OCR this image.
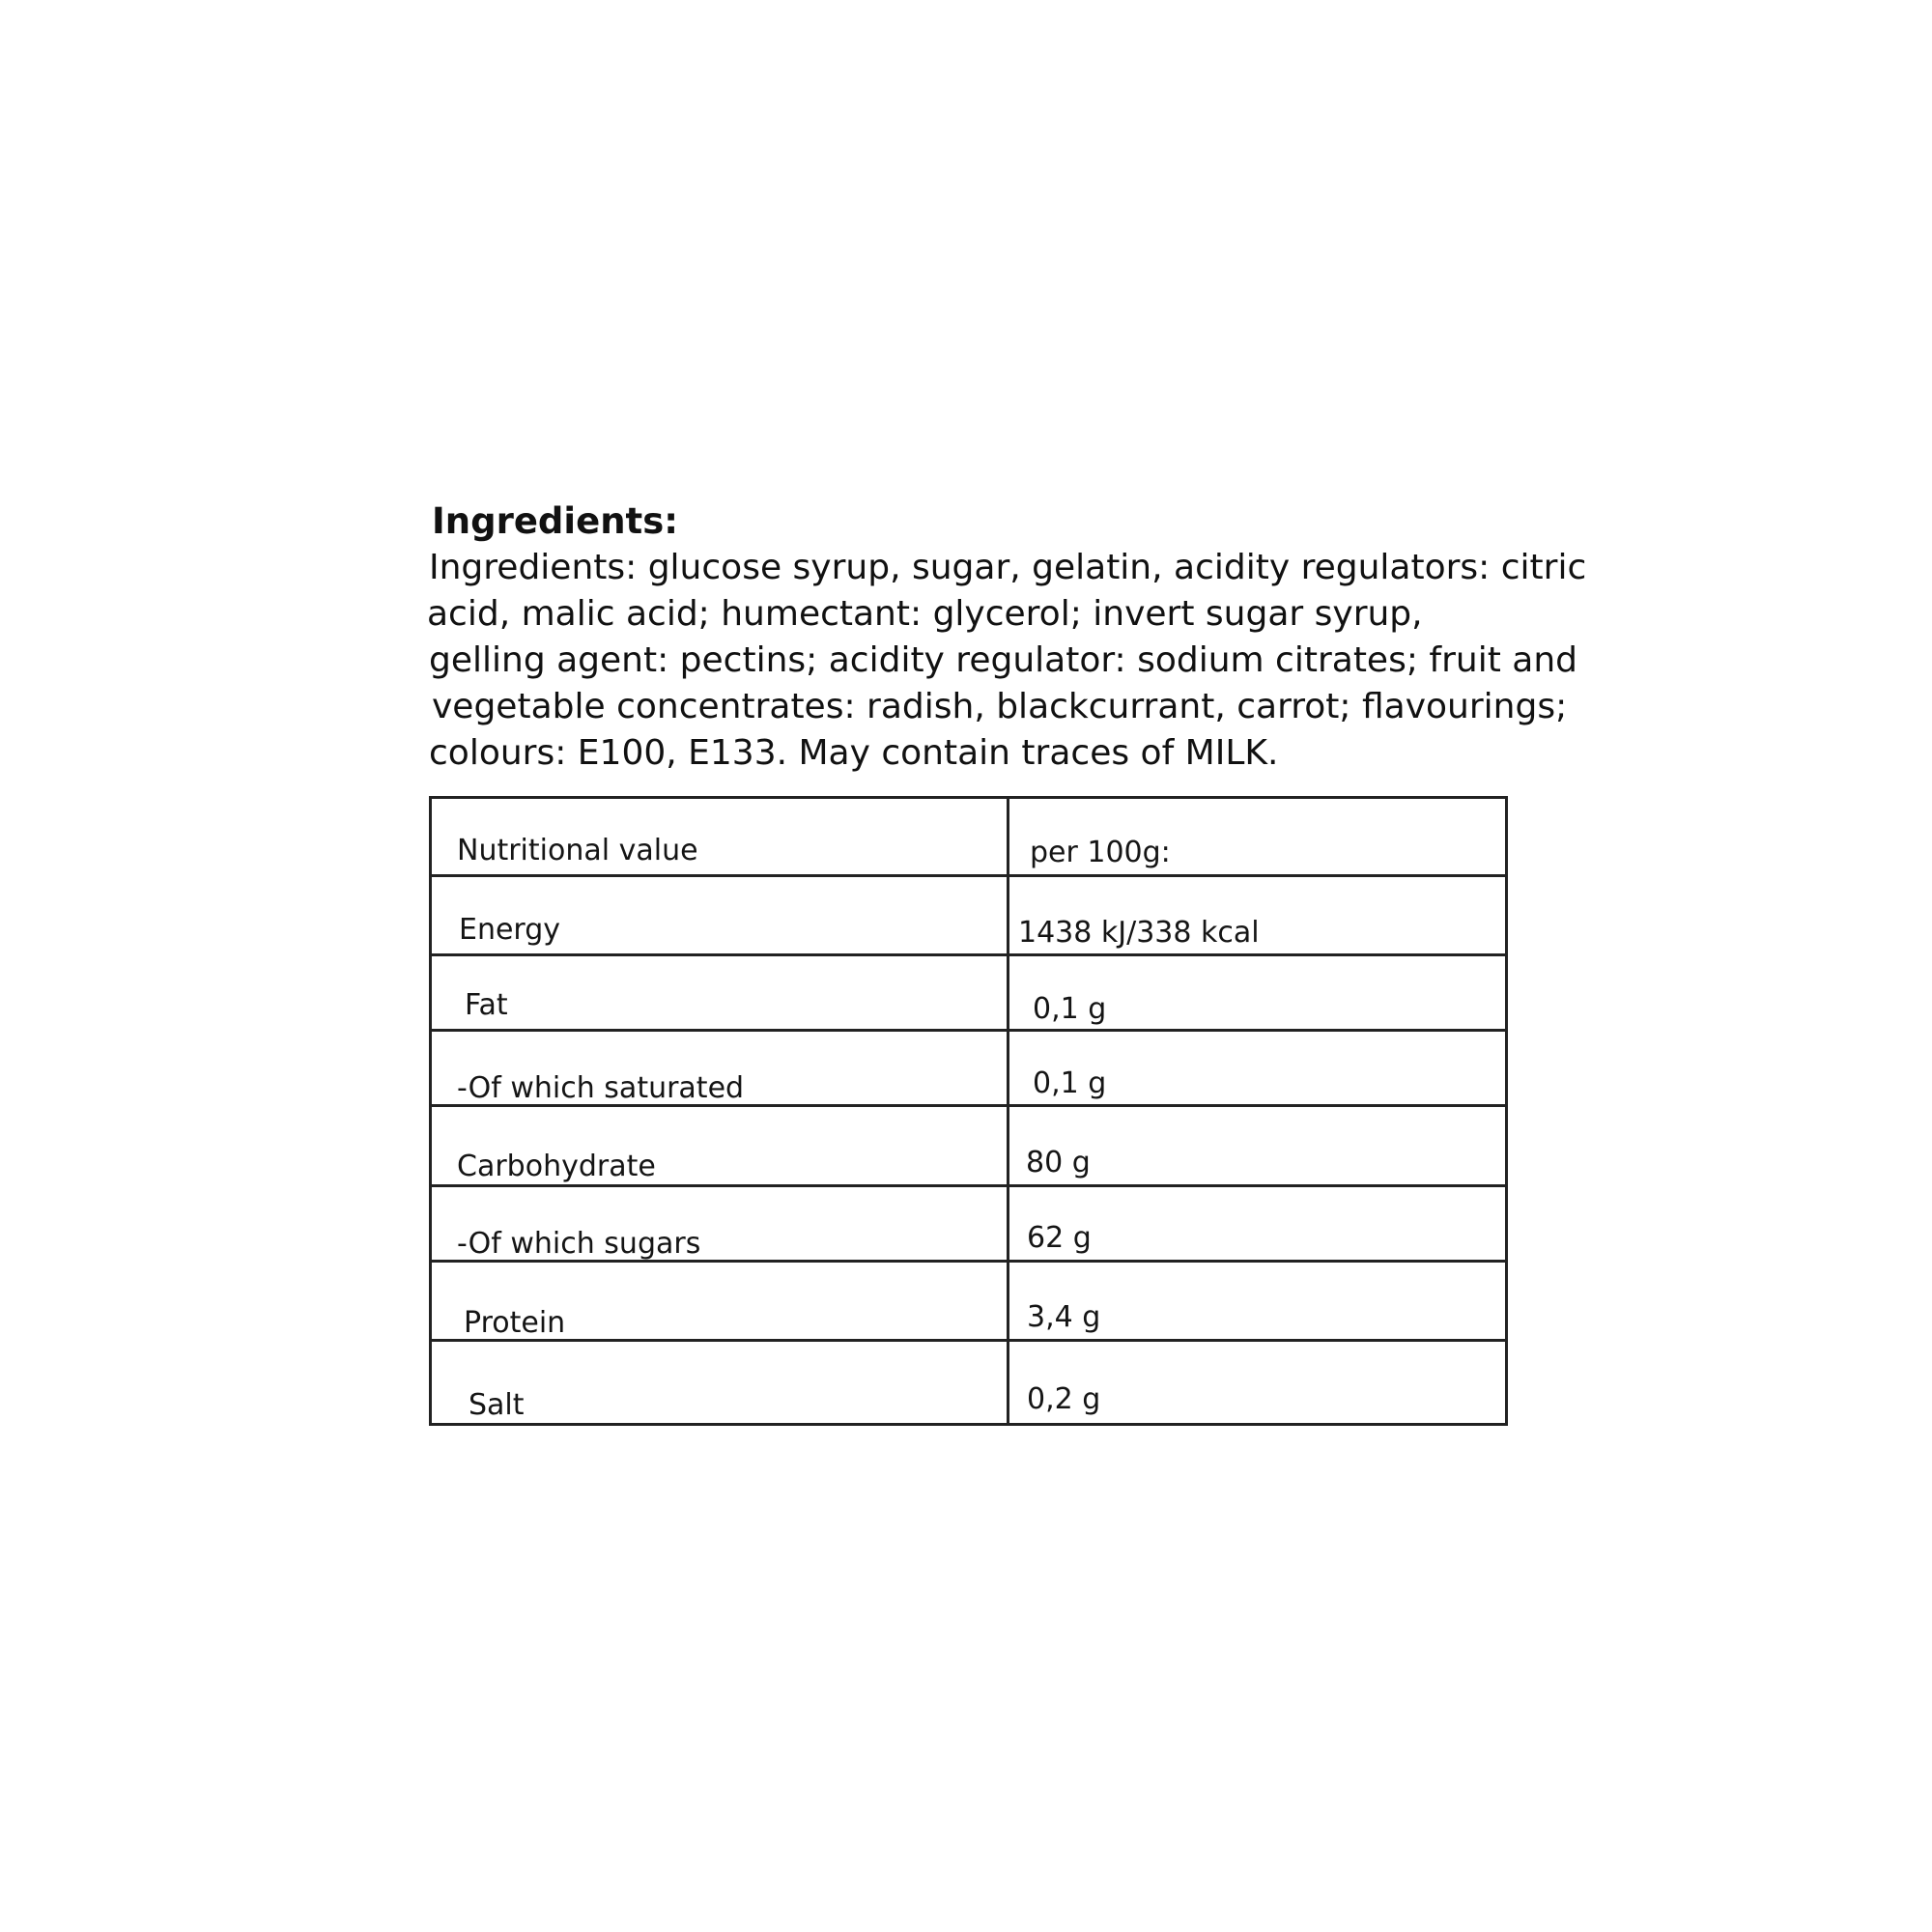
Ingredients:

Ingredients: glucose syrup, sugar, gelatin, acidity regulators: citric
acid, malic acid; humectant: glycerol; invert sugar syrup,
gelling agent: pectins; acidity regulator: sodium citrates; fruit and
vegetable concentrates: radish, blackcurrant, carrot; flavourings;
colours: E100, E133. May contain traces of MILK.

Nutritional value	per 100g:
Energy	1438 kJ/338 kcal
Fat	0,1 g
-Of which saturated	0,1 g
Carbohydrate	80 g
-Of which sugars	62 g
Protein	3,4 g
Salt	0,2 g
